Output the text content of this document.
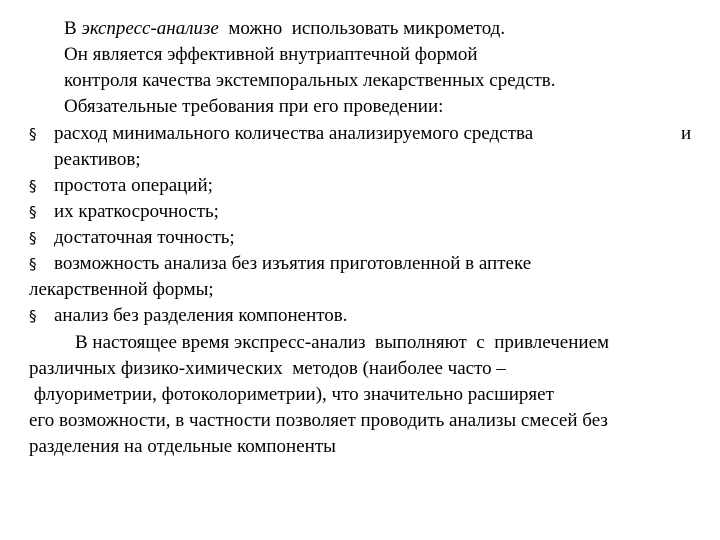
В экспресс-анализе  можно  использовать микрометод.
Он является эффективной внутриаптечной формой
контроля качества экстемпоральных лекарственных средств.
Обязательные требования при его проведении:
§ расход минимального количества анализируемого средства	и
реактивов;
§ простота операций;
§ их краткосрочность;
§ достаточная точность;
§ возможность анализа без изъятия приготовленной в аптеке
лекарственной формы;
§ анализ без разделения компонентов.
В настоящее время экспресс-анализ  выполняют  с  привлечением
различных физико-химических  методов (наиболее часто –
флуориметрии, фотоколориметрии), что значительно расширяет
его возможности, в частности позволяет проводить анализы смесей без
разделения на отдельные компоненты
